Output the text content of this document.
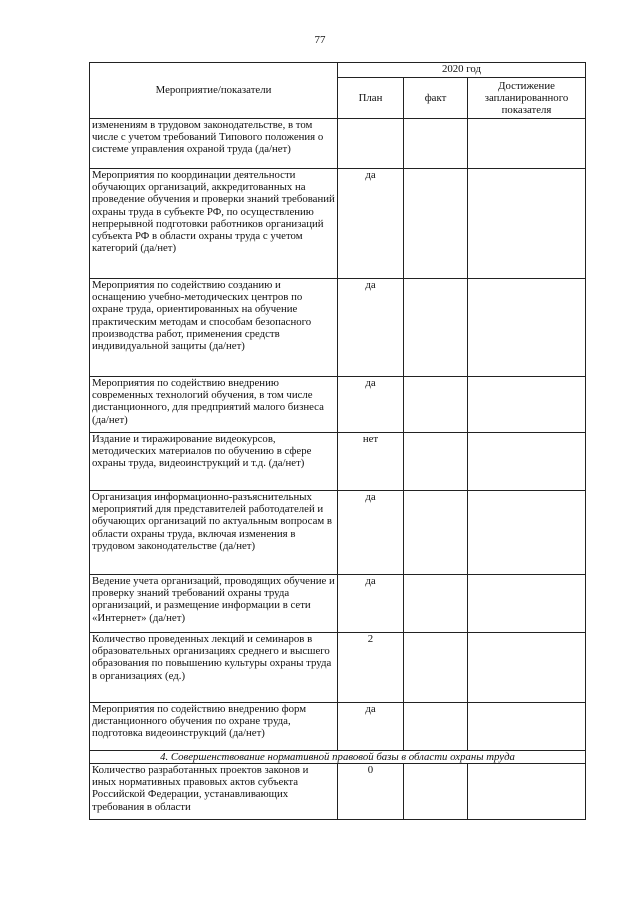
77
Мероприятие/показатели	2020 год		
	План	факт	Достижение запланированного показателя
изменениям в трудовом законодательстве, в том числе с учетом требований Типового положения о системе управления охраной труда (да/нет)			
Мероприятия по координации деятельности обучающих организаций, аккредитованных на проведение обучения и проверки знаний требований охраны труда в субъекте РФ, по осуществлению непрерывной подготовки работников организаций субъекта РФ в области охраны труда с учетом категорий (да/нет)	да		
Мероприятия по содействию созданию и оснащению учебно-методических центров по охране труда, ориентированных на обучение практическим методам и способам безопасного производства работ, применения средств индивидуальной защиты (да/нет)	да		
Мероприятия по содействию внедрению современных технологий обучения, в том числе дистанционного, для предприятий малого бизнеса (да/нет)	да		
Издание и тиражирование видеокурсов, методических материалов по обучению в сфере охраны труда, видеоинструкций и т.д. (да/нет)	нет		
Организация информационно-разъяснительных мероприятий для представителей работодателей и обучающих организаций по актуальным вопросам в области охраны труда, включая изменения в трудовом законодательстве (да/нет)	да		
Ведение учета организаций, проводящих обучение и проверку знаний требований охраны труда организаций, и размещение информации в сети «Интернет» (да/нет)	да		
Количество проведенных лекций и семинаров в образовательных организациях среднего и высшего образования по повышению культуры охраны труда в организациях (ед.)	2		
Мероприятия по содействию внедрению форм дистанционного обучения по охране труда, подготовка видеоинструкций (да/нет)	да		
4. Совершенствование нормативной правовой базы в области охраны труда			
Количество разработанных проектов законов и иных нормативных правовых актов субъекта Российской Федерации, устанавливающих требования в области	0		
